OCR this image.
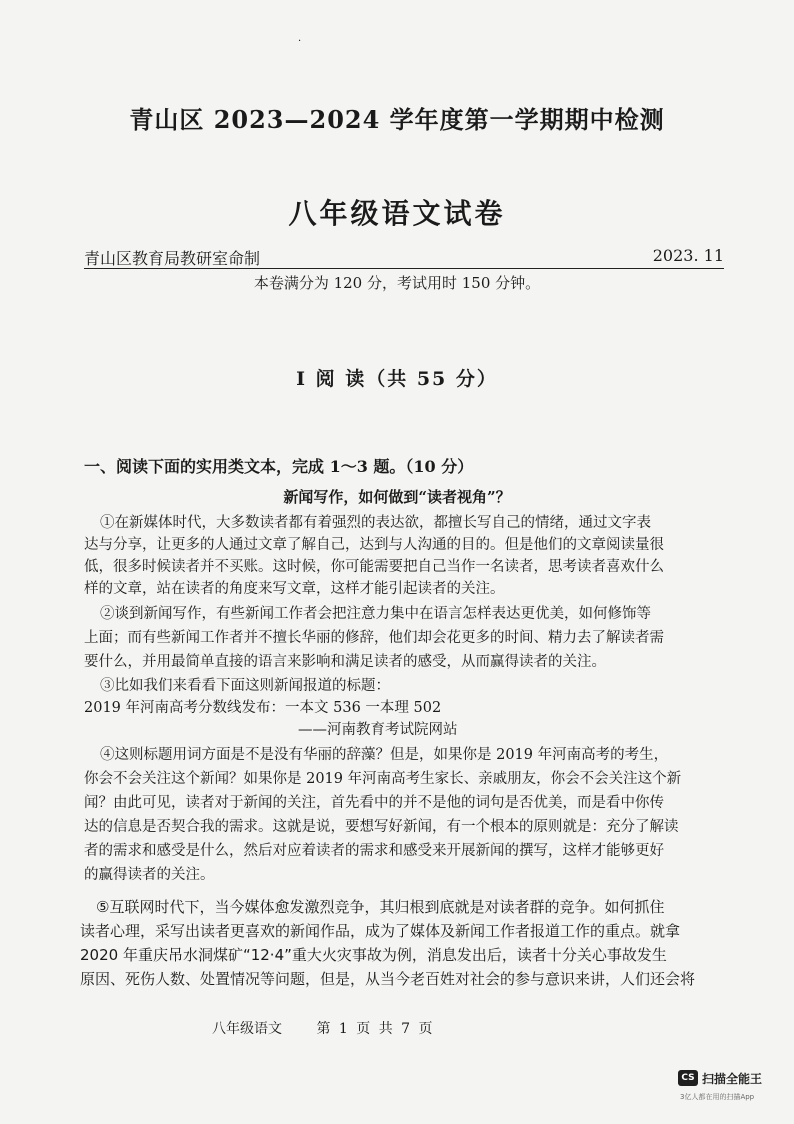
·
青山区 2023—2024 学年度第一学期期中检测
八年级语文试卷
青山区教育局教研室命制	2023. 11
本卷满分为 120 分，考试用时 150 分钟。
I 阅 读（共 55 分）
一、阅读下面的实用类文本，完成 1～3 题。（10 分）
新闻写作，如何做到“读者视角”？
①在新媒体时代，大多数读者都有着强烈的表达欲，都擅长写自己的情绪，通过文字表
达与分享，让更多的人通过文章了解自己，达到与人沟通的目的。但是他们的文章阅读量很
低，很多时候读者并不买账。这时候，你可能需要把自己当作一名读者，思考读者喜欢什么
样的文章，站在读者的角度来写文章，这样才能引起读者的关注。
②谈到新闻写作，有些新闻工作者会把注意力集中在语言怎样表达更优美，如何修饰等
上面；而有些新闻工作者并不擅长华丽的修辞，他们却会花更多的时间、精力去了解读者需
要什么，并用最简单直接的语言来影响和满足读者的感受，从而赢得读者的关注。
③比如我们来看看下面这则新闻报道的标题：
2019 年河南高考分数线发布：一本文 536 一本理 502
——河南教育考试院网站
④这则标题用词方面是不是没有华丽的辞藻？但是，如果你是 2019 年河南高考的考生，
你会不会关注这个新闻？如果你是 2019 年河南高考生家长、亲戚朋友，你会不会关注这个新
闻？由此可见，读者对于新闻的关注，首先看中的并不是他的词句是否优美，而是看中你传
达的信息是否契合我的需求。这就是说，要想写好新闻，有一个根本的原则就是：充分了解读
者的需求和感受是什么，然后对应着读者的需求和感受来开展新闻的撰写，这样才能够更好
的赢得读者的关注。
⑤互联网时代下，当今媒体愈发激烈竞争，其归根到底就是对读者群的竞争。如何抓住
读者心理，采写出读者更喜欢的新闻作品，成为了媒体及新闻工作者报道工作的重点。就拿
2020 年重庆吊水洞煤矿“12·4”重大火灾事故为例，消息发出后，读者十分关心事故发生
原因、死伤人数、处置情况等问题，但是，从当今老百姓对社会的参与意识来讲，人们还会将
八年级语文 第 1 页 共 7 页
CS 扫描全能王
3亿人都在用的扫描App
